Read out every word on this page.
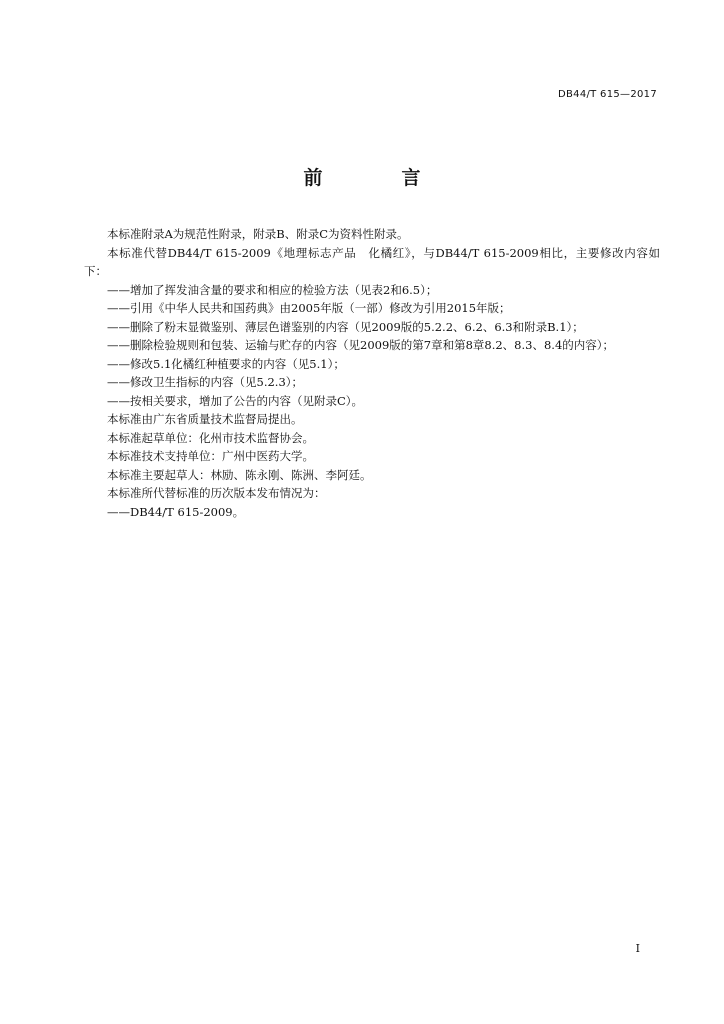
DB44/T 615—2017
前　言

本标准附录A为规范性附录，附录B、附录C为资料性附录。

本标准代替DB44/T 615-2009《地理标志产品　化橘红》，与DB44/T 615-2009相比，主要修改内容如下：

——增加了挥发油含量的要求和相应的检验方法（见表2和6.5）；

——引用《中华人民共和国药典》由2005年版（一部）修改为引用2015年版；

——删除了粉末显微鉴别、薄层色谱鉴别的内容（见2009版的5.2.2、6.2、6.3和附录B.1）；

——删除检验规则和包装、运输与贮存的内容（见2009版的第7章和第8章8.2、8.3、8.4的内容）；

——修改5.1化橘红种植要求的内容（见5.1）；

——修改卫生指标的内容（见5.2.3）；

——按相关要求，增加了公告的内容（见附录C）。

本标准由广东省质量技术监督局提出。

本标准起草单位：化州市技术监督协会。

本标准技术支持单位：广州中医药大学。

本标准主要起草人：林励、陈永刚、陈洲、李阿廷。

本标准所代替标准的历次版本发布情况为：

——DB44/T 615-2009。

I
